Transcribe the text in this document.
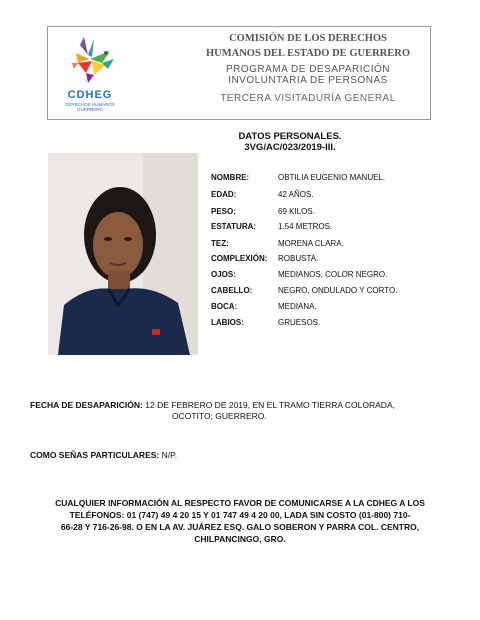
CDHEG
DERECHOS HUMANOS GUERRERO
COMISIÓN DE LOS DERECHOS
HUMANOS DEL ESTADO DE GUERRERO
PROGRAMA DE DESAPARICIÓN
INVOLUNTARIA DE PERSONAS
TERCERA VISITADURÍA GENERAL
DATOS PERSONALES.
3VG/AC/023/2019-III.
NOMBRE:	OBTILIA EUGENIO MANUEL.
EDAD:	42 AÑOS.
PESO:	69 KILOS.
ESTATURA:	1.54 METROS.
TEZ:	MORENA CLARA.
COMPLEXIÓN: ROBUSTA.
OJOS:	MEDIANOS, COLOR NEGRO.
CABELLO:	NEGRO, ONDULADO Y CORTO.
BOCA:	MEDIANA.
LABIOS:	GRUESOS.
FECHA DE DESAPARICIÓN: 12 DE FEBRERO DE 2019, EN EL TRAMO TIERRA COLORADA,
OCOTITO; GUERRERO.
COMO SEÑAS PARTICULARES: N/P.
CUALQUIER INFORMACIÓN AL RESPECTO FAVOR DE COMUNICARSE A LA CDHEG A LOS
TELÉFONOS: 01 (747) 49 4 20 15 Y 01 747 49 4 20 00, LADA SIN COSTO (01-800) 710-
66-28 Y 716-26-98. O EN LA AV. JUÁREZ ESQ. GALO SOBERON Y PARRA COL. CENTRO,
CHILPANCINGO, GRO.
